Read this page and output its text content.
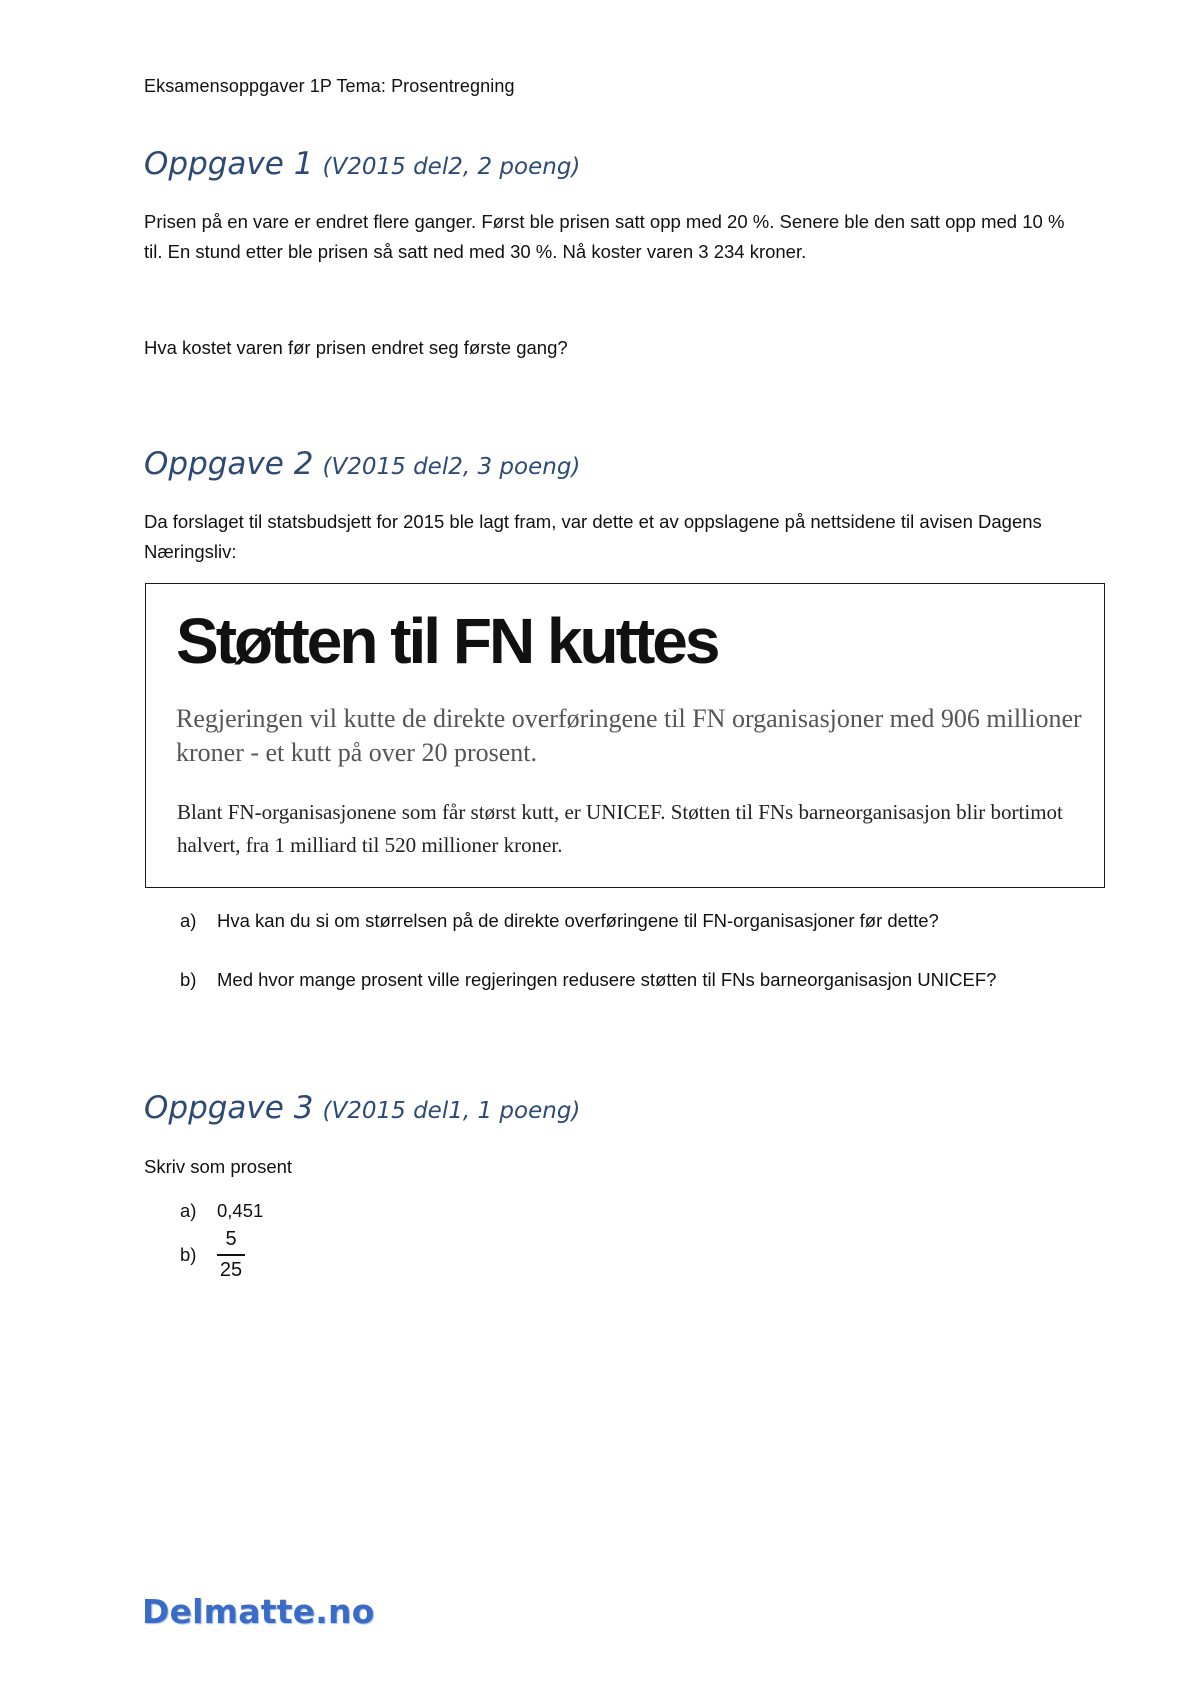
Eksamensoppgaver 1P Tema: Prosentregning
Oppgave 1 (V2015 del2, 2 poeng)
Prisen på en vare er endret flere ganger. Først ble prisen satt opp med 20 %. Senere ble den satt opp med 10 % til. En stund etter ble prisen så satt ned med 30 %. Nå koster varen 3 234 kroner.
Hva kostet varen før prisen endret seg første gang?
Oppgave 2 (V2015 del2, 3 poeng)
Da forslaget til statsbudsjett for 2015 ble lagt fram, var dette et av oppslagene på nettsidene til avisen Dagens Næringsliv:
Støtten til FN kuttes
Regjeringen vil kutte de direkte overføringene til FN organisasjoner med 906 millioner kroner - et kutt på over 20 prosent.
Blant FN-organisasjonene som får størst kutt, er UNICEF. Støtten til FNs barneorganisasjon blir bortimot halvert, fra 1 milliard til 520 millioner kroner.
a) Hva kan du si om størrelsen på de direkte overføringene til FN-organisasjoner før dette?
b) Med hvor mange prosent ville regjeringen redusere støtten til FNs barneorganisasjon UNICEF?
Oppgave 3 (V2015 del1, 1 poeng)
Skriv som prosent
a) 0,451
b)
5
25
Delmatte.no
